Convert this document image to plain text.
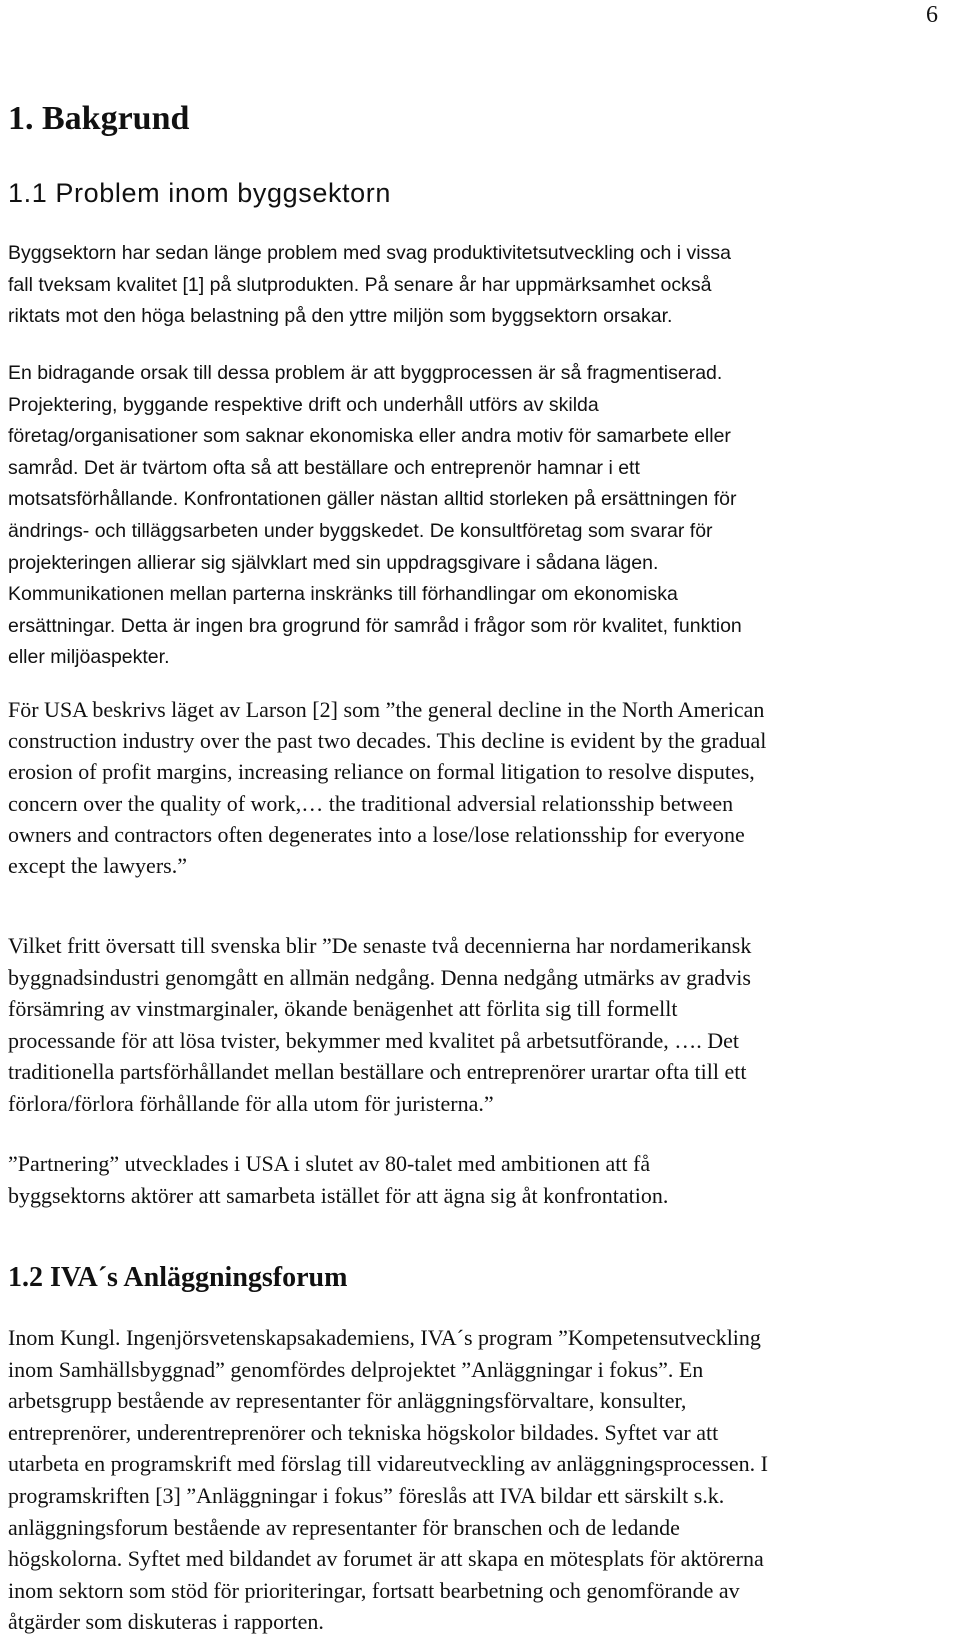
6
1. Bakgrund
1.1 Problem inom byggsektorn
Byggsektorn har sedan länge problem med svag produktivitetsutveckling och i vissa
fall tveksam kvalitet [1] på slutprodukten. På senare år har uppmärksamhet också
riktats mot den höga belastning på den yttre miljön som byggsektorn orsakar.
En bidragande orsak till dessa problem är att byggprocessen är så fragmentiserad.
Projektering, byggande respektive drift och underhåll utförs av skilda
företag/organisationer som saknar ekonomiska eller andra motiv för samarbete eller
samråd. Det är tvärtom ofta så att beställare och entreprenör hamnar i ett
motsatsförhållande. Konfrontationen gäller nästan alltid storleken på ersättningen för
ändrings- och tilläggsarbeten under byggskedet. De konsultföretag som svarar för
projekteringen allierar sig självklart med sin uppdragsgivare i sådana lägen.
Kommunikationen mellan parterna inskränks till förhandlingar om ekonomiska
ersättningar. Detta är ingen bra grogrund för samråd i frågor som rör kvalitet, funktion
eller miljöaspekter.
För USA beskrivs läget av Larson [2] som ”the general decline in the North American
construction industry over the past two decades. This decline is evident by the gradual
erosion of profit margins, increasing reliance on formal litigation to resolve disputes,
concern over the quality of work,… the traditional adversial relationsship between
owners and contractors often degenerates into a lose/lose relationsship for everyone
except the lawyers.”
Vilket fritt översatt till svenska blir ”De senaste två decennierna har nordamerikansk
byggnadsindustri genomgått en allmän nedgång. Denna nedgång utmärks av gradvis
försämring av vinstmarginaler, ökande benägenhet att förlita sig till formellt
processande för att lösa tvister, bekymmer med kvalitet på arbetsutförande, …. Det
traditionella partsförhållandet mellan beställare och entreprenörer urartar ofta till ett
förlora/förlora förhållande för alla utom för juristerna.”
”Partnering” utvecklades i USA i slutet av 80-talet med ambitionen att få
byggsektorns aktörer att samarbeta istället för att ägna sig åt konfrontation.
1.2 IVA´s Anläggningsforum
Inom Kungl. Ingenjörsvetenskapsakademiens, IVA´s program ”Kompetensutveckling
inom Samhällsbyggnad” genomfördes delprojektet ”Anläggningar i fokus”. En
arbetsgrupp bestående av representanter för anläggningsförvaltare, konsulter,
entreprenörer, underentreprenörer och tekniska högskolor bildades. Syftet var att
utarbeta en programskrift med förslag till vidareutveckling av anläggningsprocessen. I
programskriften [3] ”Anläggningar i fokus” föreslås att IVA bildar ett särskilt s.k.
anläggningsforum bestående av representanter för branschen och de ledande
högskolorna. Syftet med bildandet av forumet är att skapa en mötesplats för aktörerna
inom sektorn som stöd för prioriteringar, fortsatt bearbetning och genomförande av
åtgärder som diskuteras i rapporten.
